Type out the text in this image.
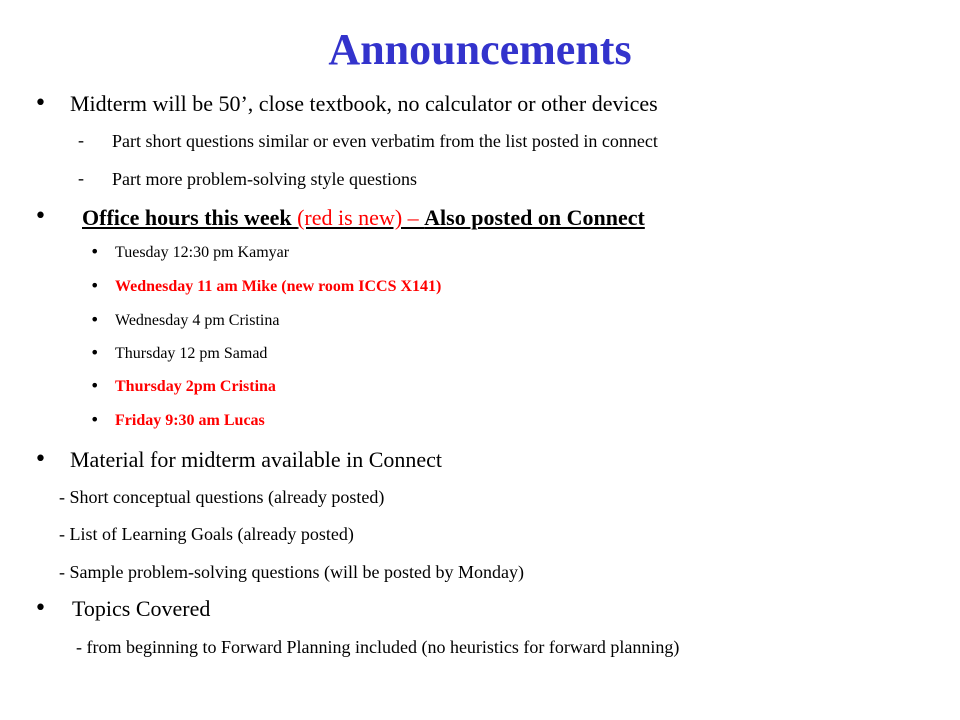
Announcements
• Midterm will be 50’, close textbook, no calculator or other devices
- Part short questions similar or even verbatim from the list posted in connect
- Part more problem-solving style questions
• Office hours this week (red is new) – Also posted on Connect
• Tuesday 12:30 pm Kamyar
• Wednesday 11 am Mike (new room ICCS X141)
• Wednesday 4 pm Cristina
• Thursday 12 pm Samad
• Thursday 2pm Cristina
• Friday 9:30 am Lucas
• Material for midterm available in Connect
- Short conceptual questions (already posted)
- List of Learning Goals (already posted)
- Sample problem-solving questions (will be posted by Monday)
• Topics Covered
- from beginning to Forward Planning included (no heuristics for forward planning)
